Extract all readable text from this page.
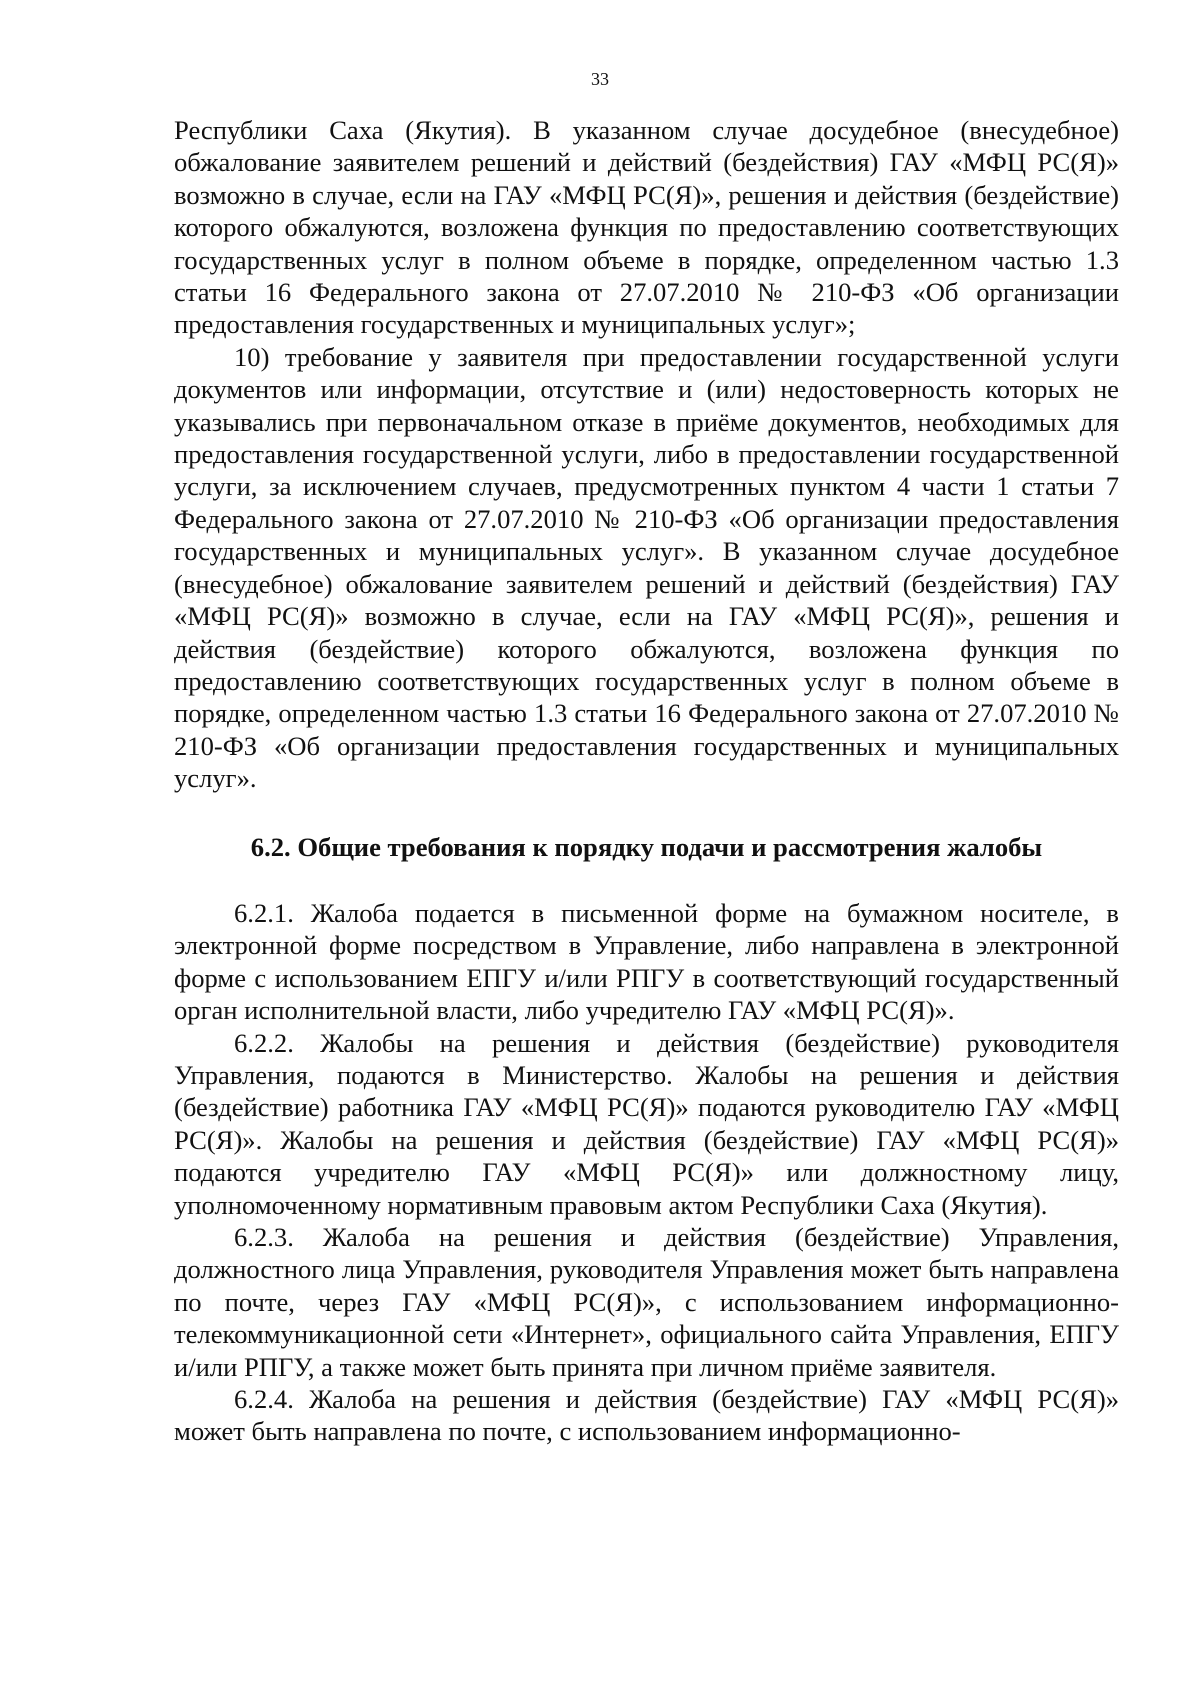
33

Республики Саха (Якутия). В указанном случае досудебное (внесудебное) обжалование заявителем решений и действий (бездействия) ГАУ «МФЦ РС(Я)» возможно в случае, если на ГАУ «МФЦ РС(Я)», решения и действия (бездействие) которого обжалуются, возложена функция по предоставлению соответствующих государственных услуг в полном объеме в порядке, определенном частью 1.3 статьи 16 Федерального закона от 27.07.2010 № 210-ФЗ «Об организации предоставления государственных и муниципальных услуг»;

10) требование у заявителя при предоставлении государственной услуги документов или информации, отсутствие и (или) недостоверность которых не указывались при первоначальном отказе в приёме документов, необходимых для предоставления государственной услуги, либо в предоставлении государственной услуги, за исключением случаев, предусмотренных пунктом 4 части 1 статьи 7 Федерального закона от 27.07.2010 № 210-ФЗ «Об организации предоставления государственных и муниципальных услуг». В указанном случае досудебное (внесудебное) обжалование заявителем решений и действий (бездействия) ГАУ «МФЦ РС(Я)» возможно в случае, если на ГАУ «МФЦ РС(Я)», решения и действия (бездействие) которого обжалуются, возложена функция по предоставлению соответствующих государственных услуг в полном объеме в порядке, определенном частью 1.3 статьи 16 Федерального закона от 27.07.2010 № 210-ФЗ «Об организации предоставления государственных и муниципальных услуг».

6.2. Общие требования к порядку подачи и рассмотрения жалобы

6.2.1. Жалоба подается в письменной форме на бумажном носителе, в электронной форме посредством в Управление, либо направлена в электронной форме с использованием ЕПГУ и/или РПГУ в соответствующий государственный орган исполнительной власти, либо учредителю ГАУ «МФЦ РС(Я)».

6.2.2. Жалобы на решения и действия (бездействие) руководителя Управления, подаются в Министерство. Жалобы на решения и действия (бездействие) работника ГАУ «МФЦ РС(Я)» подаются руководителю ГАУ «МФЦ РС(Я)». Жалобы на решения и действия (бездействие) ГАУ «МФЦ РС(Я)» подаются учредителю ГАУ «МФЦ РС(Я)» или должностному лицу, уполномоченному нормативным правовым актом Республики Саха (Якутия).

6.2.3. Жалоба на решения и действия (бездействие) Управления, должностного лица Управления, руководителя Управления может быть направлена по почте, через ГАУ «МФЦ РС(Я)», с использованием информационно-телекоммуникационной сети «Интернет», официального сайта Управления, ЕПГУ и/или РПГУ, а также может быть принята при личном приёме заявителя.

6.2.4. Жалоба на решения и действия (бездействие) ГАУ «МФЦ РС(Я)» может быть направлена по почте, с использованием информационно-
